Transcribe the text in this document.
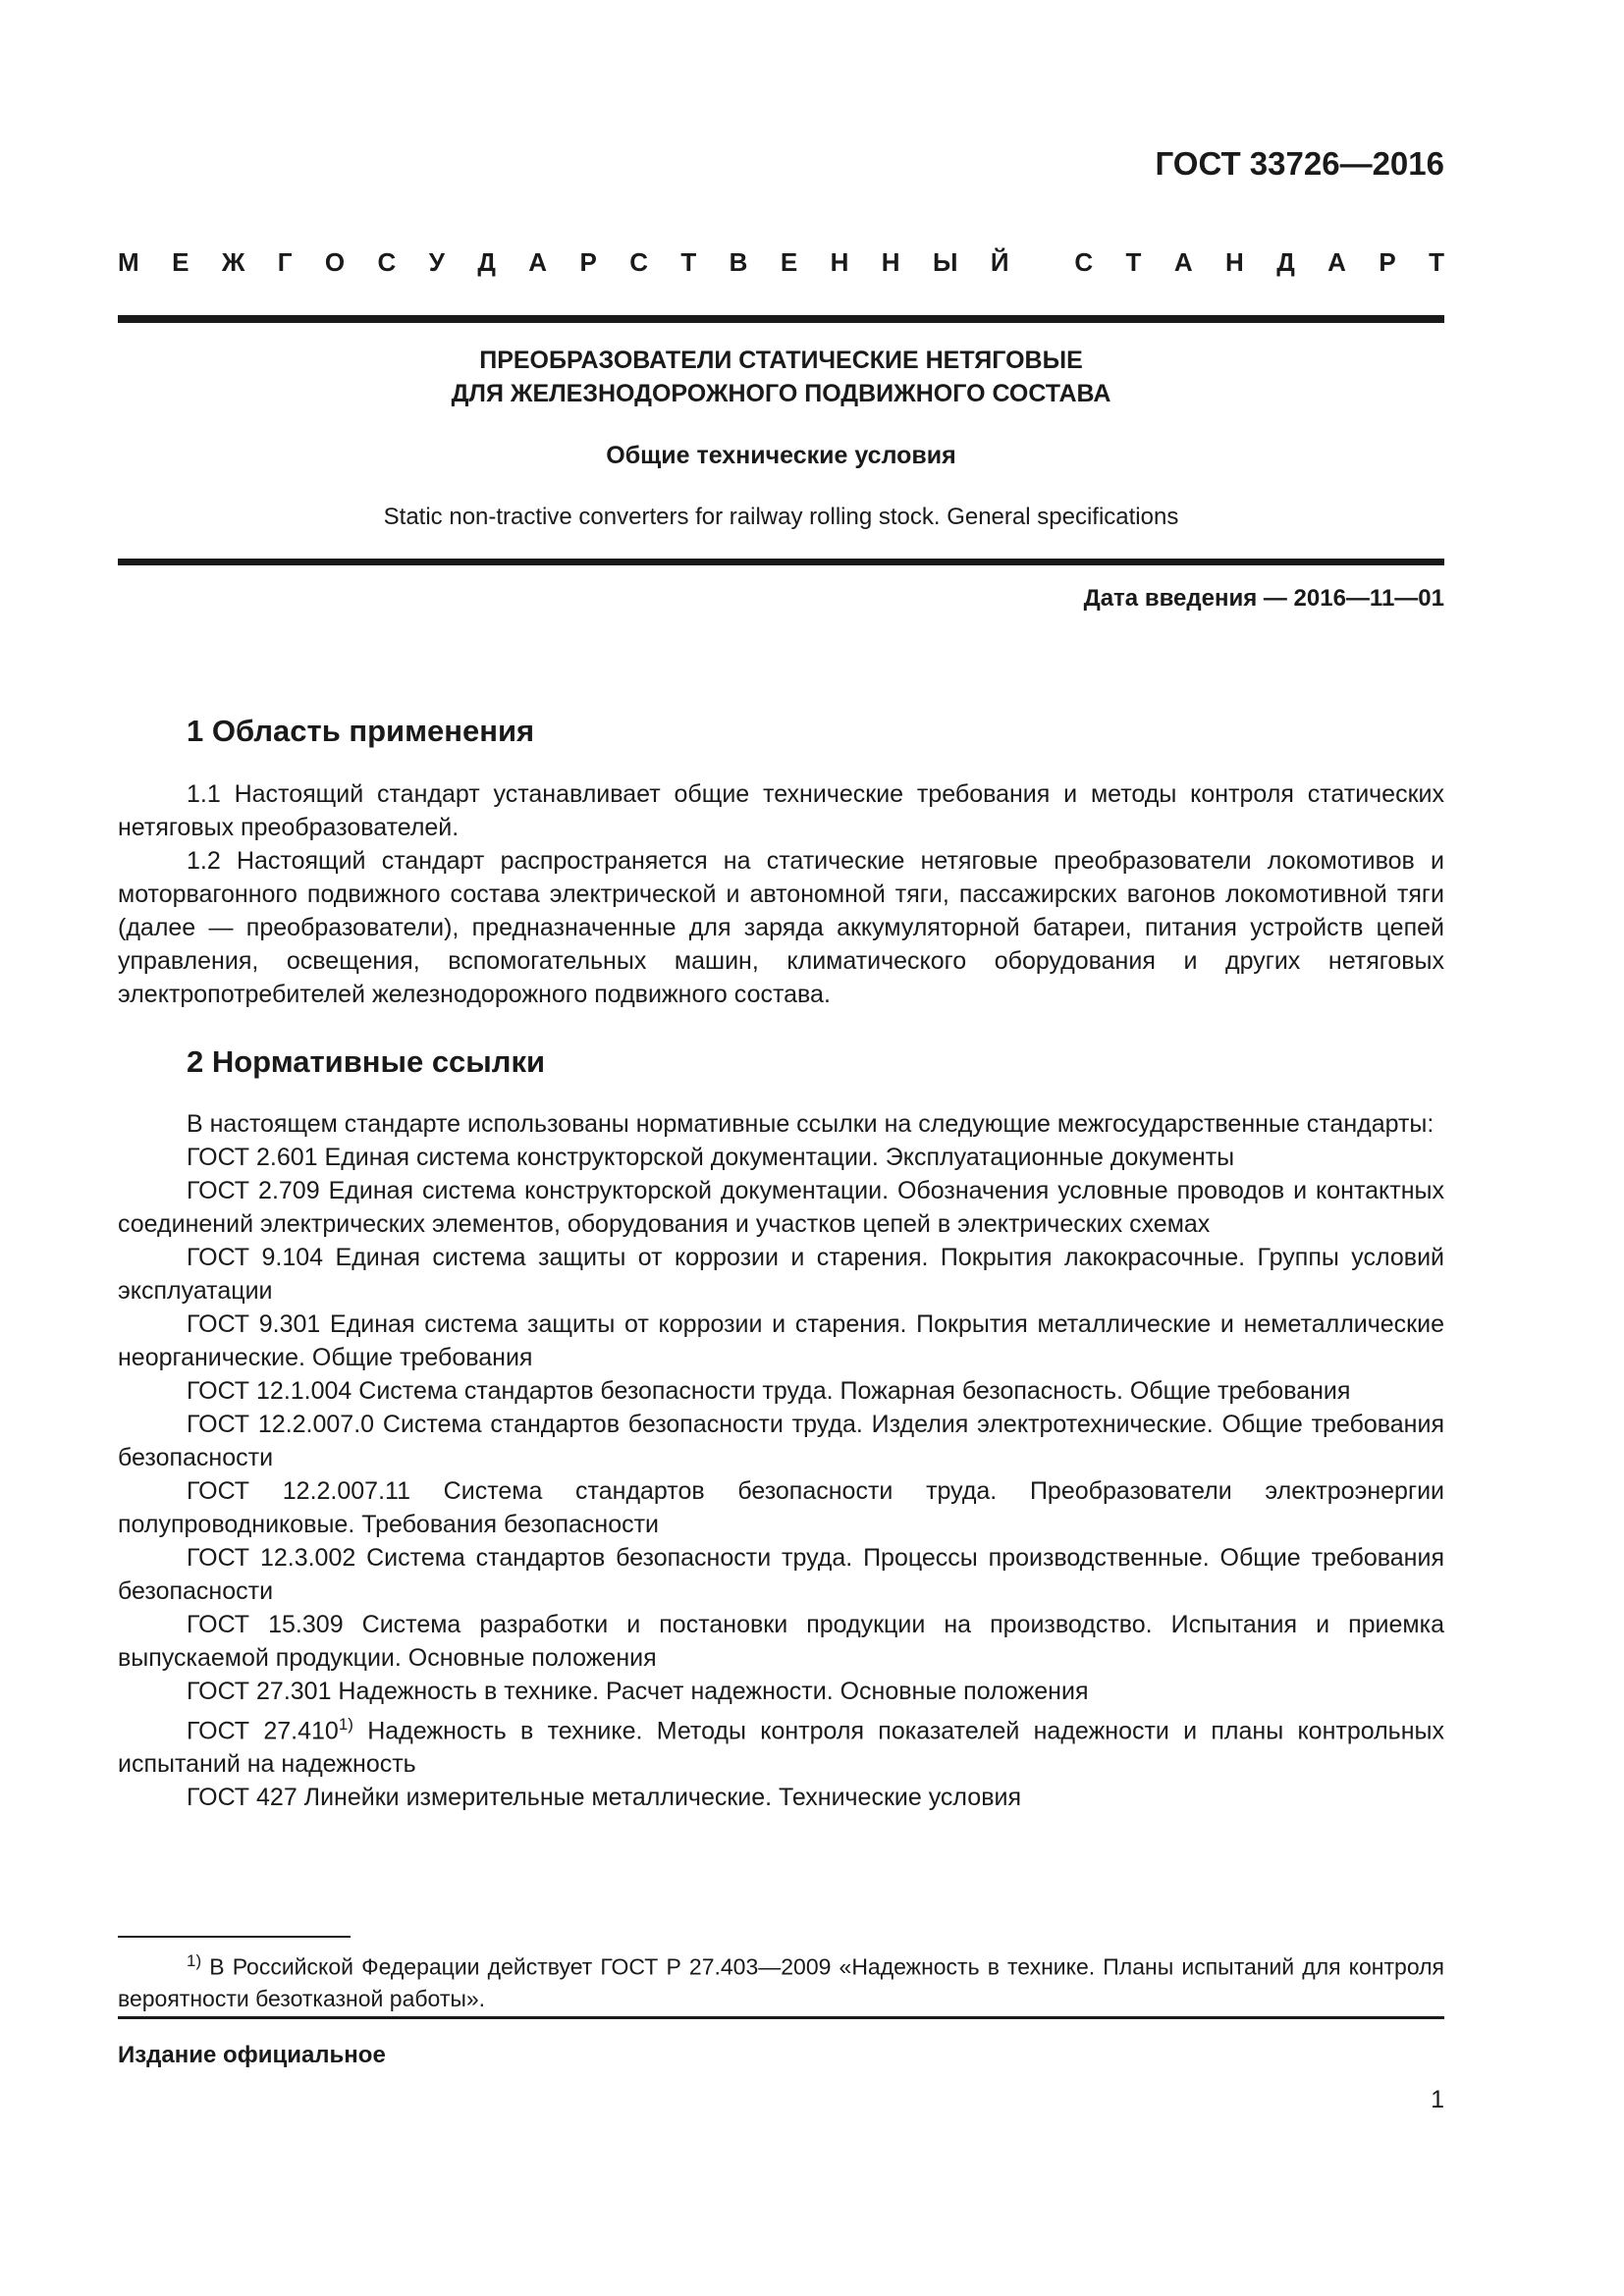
ГОСТ 33726—2016
М Е Ж Г О С У Д А Р С Т В Е Н Н Ы Й	С Т А Н Д А Р Т
ПРЕОБРАЗОВАТЕЛИ СТАТИЧЕСКИЕ НЕТЯГОВЫЕ
ДЛЯ ЖЕЛЕЗНОДОРОЖНОГО ПОДВИЖНОГО СОСТАВА
Общие технические условия
Static non-tractive converters for railway rolling stock. General specifications
Дата введения — 2016—11—01
1 Область применения

1.1 Настоящий стандарт устанавливает общие технические требования и методы контроля статических нетяговых преобразователей.

1.2 Настоящий стандарт распространяется на статические нетяговые преобразователи локомотивов и моторвагонного подвижного состава электрической и автономной тяги, пассажирских вагонов локомотивной тяги (далее — преобразователи), предназначенные для заряда аккумуляторной батареи, питания устройств цепей управления, освещения, вспомогательных машин, климатического оборудования и других нетяговых электропотребителей железнодорожного подвижного состава.

2 Нормативные ссылки

В настоящем стандарте использованы нормативные ссылки на следующие межгосударственные стандарты:

ГОСТ 2.601 Единая система конструкторской документации. Эксплуатационные документы

ГОСТ 2.709 Единая система конструкторской документации. Обозначения условные проводов и контактных соединений электрических элементов, оборудования и участков цепей в электрических схемах

ГОСТ 9.104 Единая система защиты от коррозии и старения. Покрытия лакокрасочные. Группы условий эксплуатации

ГОСТ 9.301 Единая система защиты от коррозии и старения. Покрытия металлические и неметаллические неорганические. Общие требования

ГОСТ 12.1.004 Система стандартов безопасности труда. Пожарная безопасность. Общие требования

ГОСТ 12.2.007.0 Система стандартов безопасности труда. Изделия электротехнические. Общие требования безопасности

ГОСТ 12.2.007.11 Система стандартов безопасности труда. Преобразователи электроэнергии полупроводниковые. Требования безопасности

ГОСТ 12.3.002 Система стандартов безопасности труда. Процессы производственные. Общие требования безопасности

ГОСТ 15.309 Система разработки и постановки продукции на производство. Испытания и приемка выпускаемой продукции. Основные положения

ГОСТ 27.301 Надежность в технике. Расчет надежности. Основные положения

ГОСТ 27.410$^{1)}$ Надежность в технике. Методы контроля показателей надежности и планы контрольных испытаний на надежность

ГОСТ 427 Линейки измерительные металлические. Технические условия

$^{1)}$ В Российской Федерации действует ГОСТ Р 27.403—2009 «Надежность в технике. Планы испытаний для контроля вероятности безотказной работы».
Издание официальное
1
